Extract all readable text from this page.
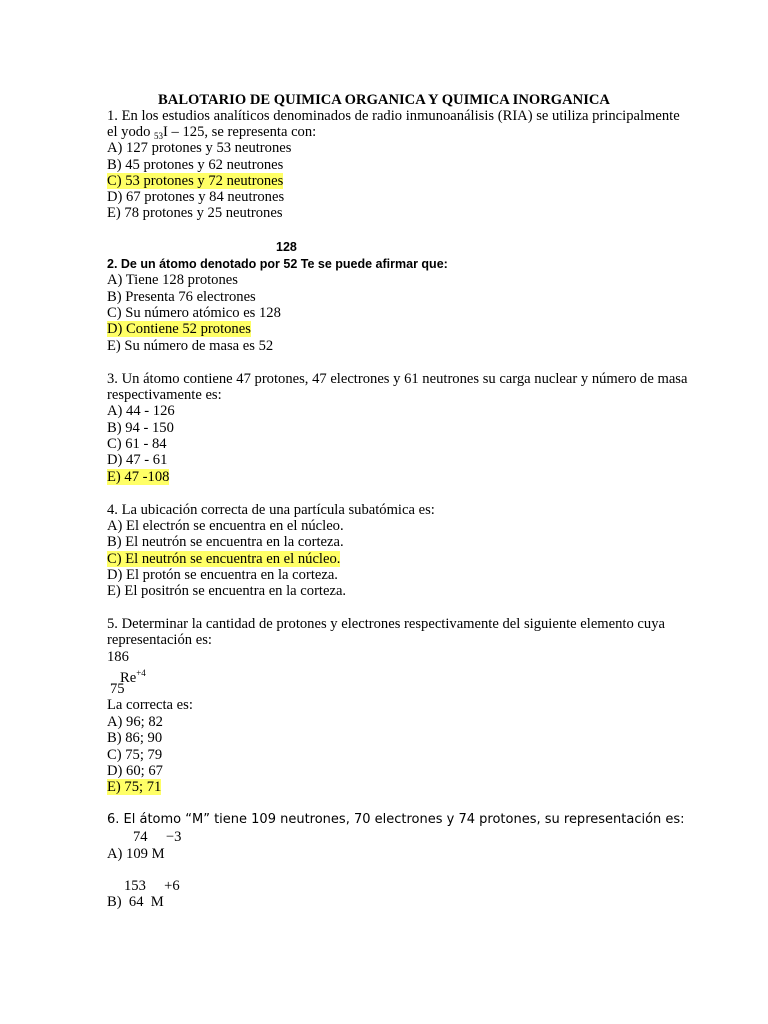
BALOTARIO DE QUIMICA ORGANICA Y QUIMICA INORGANICA
1. En los estudios analíticos denominados de radio inmunoanálisis (RIA) se utiliza principalmente
el yodo $_{53}$I – 125, se representa con:
A) 127 protones y 53 neutrones
B) 45 protones y 62 neutrones
C) 53 protones y 72 neutrones
D) 67 protones y 84 neutrones
E) 78 protones y 25 neutrones
128
2. De un átomo denotado por 52 Te se puede afirmar que:
A) Tiene 128 protones
B) Presenta 76 electrones
C) Su número atómico es 128
D) Contiene 52 protones
E) Su número de masa es 52
3. Un átomo contiene 47 protones, 47 electrones y 61 neutrones su carga nuclear y número de masa
respectivamente es:
A) 44 - 126
B) 94 - 150
C) 61 - 84
D) 47 - 61
E) 47 -108
4. La ubicación correcta de una partícula subatómica es:
A) El electrón se encuentra en el núcleo.
B) El neutrón se encuentra en la corteza.
C) El neutrón se encuentra en el núcleo.
D) El protón se encuentra en la corteza.
E) El positrón se encuentra en la corteza.
5. Determinar la cantidad de protones y electrones respectivamente del siguiente elemento cuya
representación es:
186
$Re^{+4}$
75
La correcta es:
A) 96; 82
B) 86; 90
C) 75; 79
D) 60; 67
E) 75; 71
6. El átomo “M” tiene 109 neutrones, 70 electrones y 74 protones, su representación es:
74     −3
A) 109 M
153     +6
B)  64  M
